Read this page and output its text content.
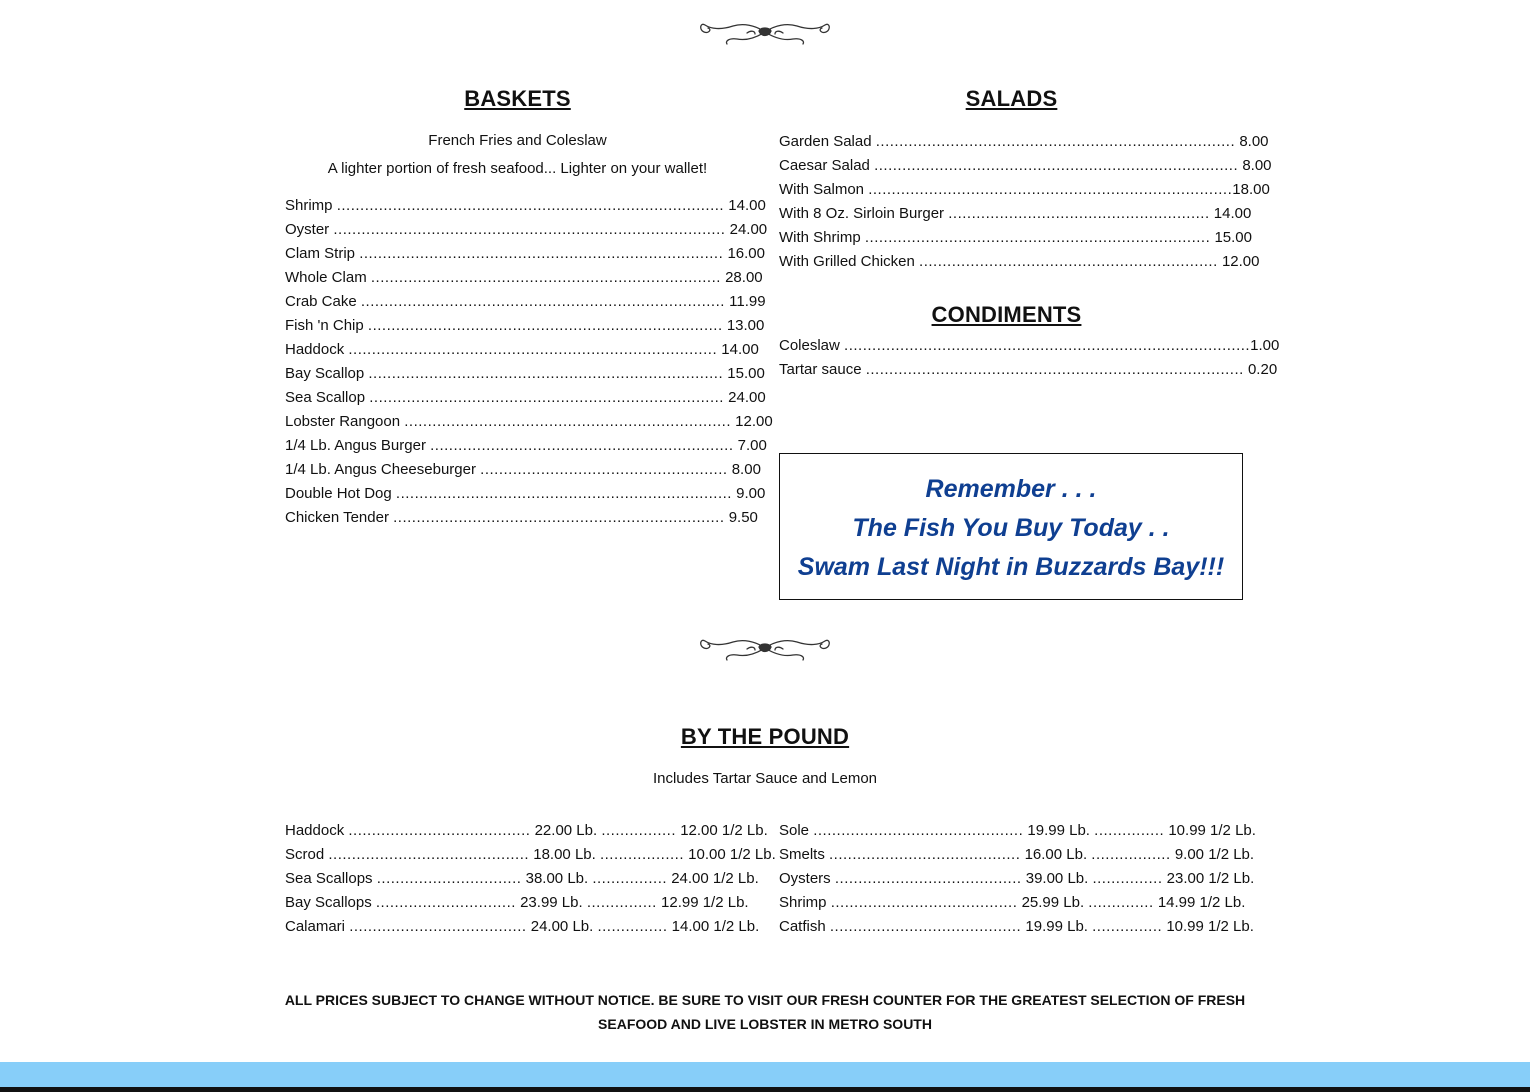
BASKETS

French Fries and Coleslaw

A lighter portion of fresh seafood... Lighter on your wallet!

Shrimp ................................................................................... 14.00
Oyster .................................................................................... 24.00
Clam Strip .............................................................................. 16.00
Whole Clam ........................................................................... 28.00
Crab Cake .............................................................................. 11.99
Fish 'n Chip ............................................................................ 13.00
Haddock ............................................................................... 14.00
Bay Scallop ............................................................................ 15.00
Sea Scallop ............................................................................ 24.00
Lobster Rangoon ...................................................................... 12.00
1/4 Lb. Angus Burger ................................................................. 7.00
1/4 Lb. Angus Cheeseburger ..................................................... 8.00
Double Hot Dog ........................................................................ 9.00
Chicken Tender ....................................................................... 9.50
SALADS
Garden Salad ............................................................................. 8.00
Caesar Salad .............................................................................. 8.00
With Salmon ..............................................................................18.00
With 8 Oz. Sirloin Burger ........................................................ 14.00
With Shrimp .......................................................................... 15.00
With Grilled Chicken ................................................................ 12.00
CONDIMENTS
Coleslaw .......................................................................................1.00
Tartar sauce ................................................................................. 0.20

Remember . . .

The Fish You Buy Today . .

Swam Last Night in Buzzards Bay!!!

BY THE POUND

Includes Tartar Sauce and Lemon

Haddock ....................................... 22.00 Lb. ................ 12.00 1/2 Lb.
Scrod ........................................... 18.00 Lb. .................. 10.00 1/2 Lb.
Sea Scallops ............................... 38.00 Lb. ................ 24.00 1/2 Lb.
Bay Scallops .............................. 23.99 Lb. ............... 12.99 1/2 Lb.
Calamari ...................................... 24.00 Lb. ............... 14.00 1/2 Lb.
Sole ............................................. 19.99 Lb. ............... 10.99 1/2 Lb.
Smelts ......................................... 16.00 Lb. ................. 9.00 1/2 Lb.
Oysters ........................................ 39.00 Lb. ............... 23.00 1/2 Lb.
Shrimp ........................................ 25.99 Lb. .............. 14.99 1/2 Lb.
Catfish ......................................... 19.99 Lb. ............... 10.99 1/2 Lb.
ALL PRICES SUBJECT TO CHANGE WITHOUT NOTICE. BE SURE TO VISIT OUR FRESH COUNTER FOR THE GREATEST SELECTION OF FRESH
SEAFOOD AND LIVE LOBSTER IN METRO SOUTH
